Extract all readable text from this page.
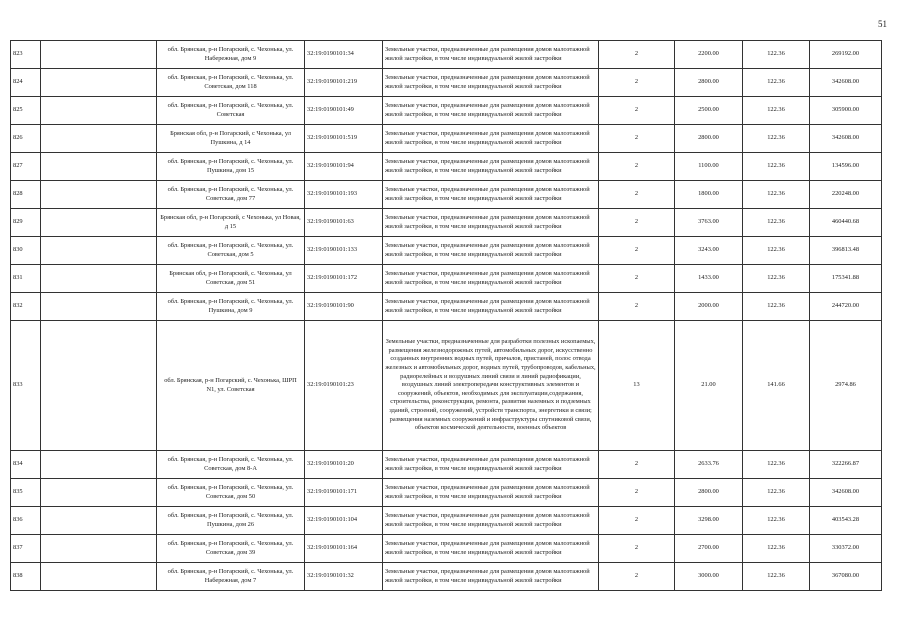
51
823		обл. Брянская, р-н Погарский, с. Чехонька, ул. Набережная, дом 9	32:19:0190101:34	Земельные участки, предназначенные для размещения домов малоэтажной жилой застройки, в том числе индивидуальной жилой застройки	2	2200.00	122.36	269192.00
824		обл. Брянская, р-н Погарский, с. Чехонька, ул. Советская, дом 118	32:19:0190101:219	Земельные участки, предназначенные для размещения домов малоэтажной жилой застройки, в том числе индивидуальной жилой застройки	2	2800.00	122.36	342608.00
825		обл. Брянская, р-н Погарский, с. Чехонька, ул. Советская	32:19:0190101:49	Земельные участки, предназначенные для размещения домов малоэтажной жилой застройки, в том числе индивидуальной жилой застройки	2	2500.00	122.36	305900.00
826		Брянская обл, р-н Погарский, с Чехонька, ул Пушкина, д 14	32:19:0190101:519	Земельные участки, предназначенные для размещения домов малоэтажной жилой застройки, в том числе индивидуальной жилой застройки	2	2800.00	122.36	342608.00
827		обл. Брянская, р-н Погарский, с. Чехонька, ул. Пушкина, дом 15	32:19:0190101:94	Земельные участки, предназначенные для размещения домов малоэтажной жилой застройки, в том числе индивидуальной жилой застройки	2	1100.00	122.36	134596.00
828		обл. Брянская, р-н Погарский, с. Чехонька, ул. Советская, дом 77	32:19:0190101:193	Земельные участки, предназначенные для размещения домов малоэтажной жилой застройки, в том числе индивидуальной жилой застройки	2	1800.00	122.36	220248.00
829		Брянская обл, р-н Погарский, с Чехонька, ул Новая, д 15	32:19:0190101:63	Земельные участки, предназначенные для размещения домов малоэтажной жилой застройки, в том числе индивидуальной жилой застройки	2	3763.00	122.36	460440.68
830		обл. Брянская, р-н Погарский, с. Чехонька, ул. Советская, дом 5	32:19:0190101:133	Земельные участки, предназначенные для размещения домов малоэтажной жилой застройки, в том числе индивидуальной жилой застройки	2	3243.00	122.36	396813.48
831		Брянская обл, р-н Погарский, с. Чехонька, ул Советская, дом 51	32:19:0190101:172	Земельные участки, предназначенные для размещения домов малоэтажной жилой застройки, в том числе индивидуальной жилой застройки	2	1433.00	122.36	175341.88
832		обл. Брянская, р-н Погарский, с. Чехонька, ул. Пушкина, дом 9	32:19:0190101:90	Земельные участки, предназначенные для размещения домов малоэтажной жилой застройки, в том числе индивидуальной жилой застройки	2	2000.00	122.36	244720.00
833		обл. Брянская, р-н Погарский, с. Чехонька, ШРП N1, ул. Советская	32:19:0190101:23	Земельные участки, предназначенные для разработки полезных ископаемых, размещения железнодорожных путей, автомобильных дорог, искусственно созданных внутренних водных путей, причалов, пристаней, полос отвода железных и автомобильных дорог, водных путей, трубопроводов, кабельных, радиорелейных и воздушных линий связи и линий радиофикации, воздушных линий электропередачи конструктивных элементов и сооружений, объектов, необходимых для эксплуатации,содержания, строительства, реконструкции, ремонта, развития наземных и подземных зданий, строений, сооружений, устройств транспорта, энергетики и связи; размещения наземных сооружений и инфраструктуры спутниковой связи, объектов космической деятельности, военных объектов	13	21.00	141.66	2974.86
834		обл. Брянская, р-н Погарский, с. Чехонька, ул. Советская, дом 8-А	32:19:0190101:20	Земельные участки, предназначенные для размещения домов малоэтажной жилой застройки, в том числе индивидуальной жилой застройки	2	2633.76	122.36	322266.87
835		обл. Брянская, р-н Погарский, с. Чехонька, ул. Советская, дом 50	32:19:0190101:171	Земельные участки, предназначенные для размещения домов малоэтажной жилой застройки, в том числе индивидуальной жилой застройки	2	2800.00	122.36	342608.00
836		обл. Брянская, р-н Погарский, с. Чехонька, ул. Пушкина, дом 26	32:19:0190101:104	Земельные участки, предназначенные для размещения домов малоэтажной жилой застройки, в том числе индивидуальной жилой застройки	2	3298.00	122.36	403543.28
837		обл. Брянская, р-н Погарский, с. Чехонька, ул. Советская, дом 39	32:19:0190101:164	Земельные участки, предназначенные для размещения домов малоэтажной жилой застройки, в том числе индивидуальной жилой застройки	2	2700.00	122.36	330372.00
838		обл. Брянская, р-н Погарский, с. Чехонька, ул. Набережная, дом 7	32:19:0190101:32	Земельные участки, предназначенные для размещения домов малоэтажной жилой застройки, в том числе индивидуальной жилой застройки	2	3000.00	122.36	367080.00
